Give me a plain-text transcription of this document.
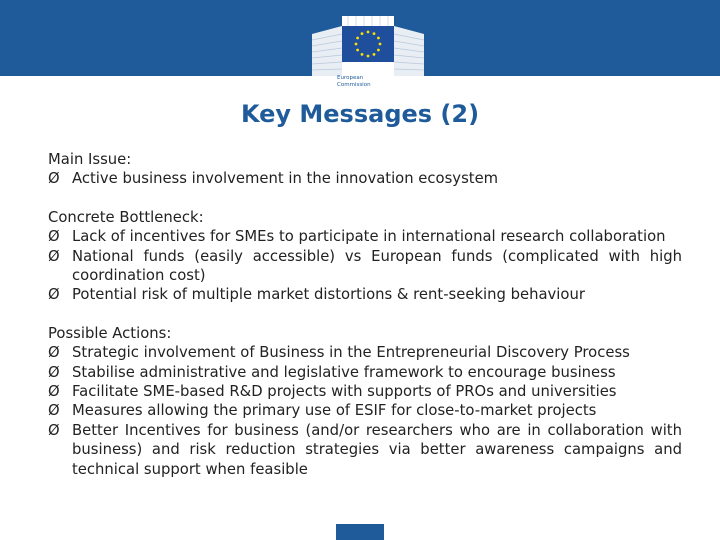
European
Commission
Key Messages (2)
Main Issue:
Ø Active business involvement in the innovation ecosystem
Concrete Bottleneck:
Ø Lack of incentives for SMEs to participate in international research collaboration
Ø National funds (easily accessible) vs European funds (complicated with high coordination cost)
Ø Potential risk of multiple market distortions & rent-seeking behaviour
Possible Actions:
Ø Strategic involvement of Business in the Entrepreneurial Discovery Process
Ø Stabilise administrative and legislative framework to encourage business
Ø Facilitate SME-based R&D projects with supports of PROs and universities
Ø Measures allowing the primary use of ESIF for close-to-market projects
Ø Better Incentives for business (and/or researchers who are in collaboration with business) and risk reduction strategies via better awareness campaigns and technical support when feasible
